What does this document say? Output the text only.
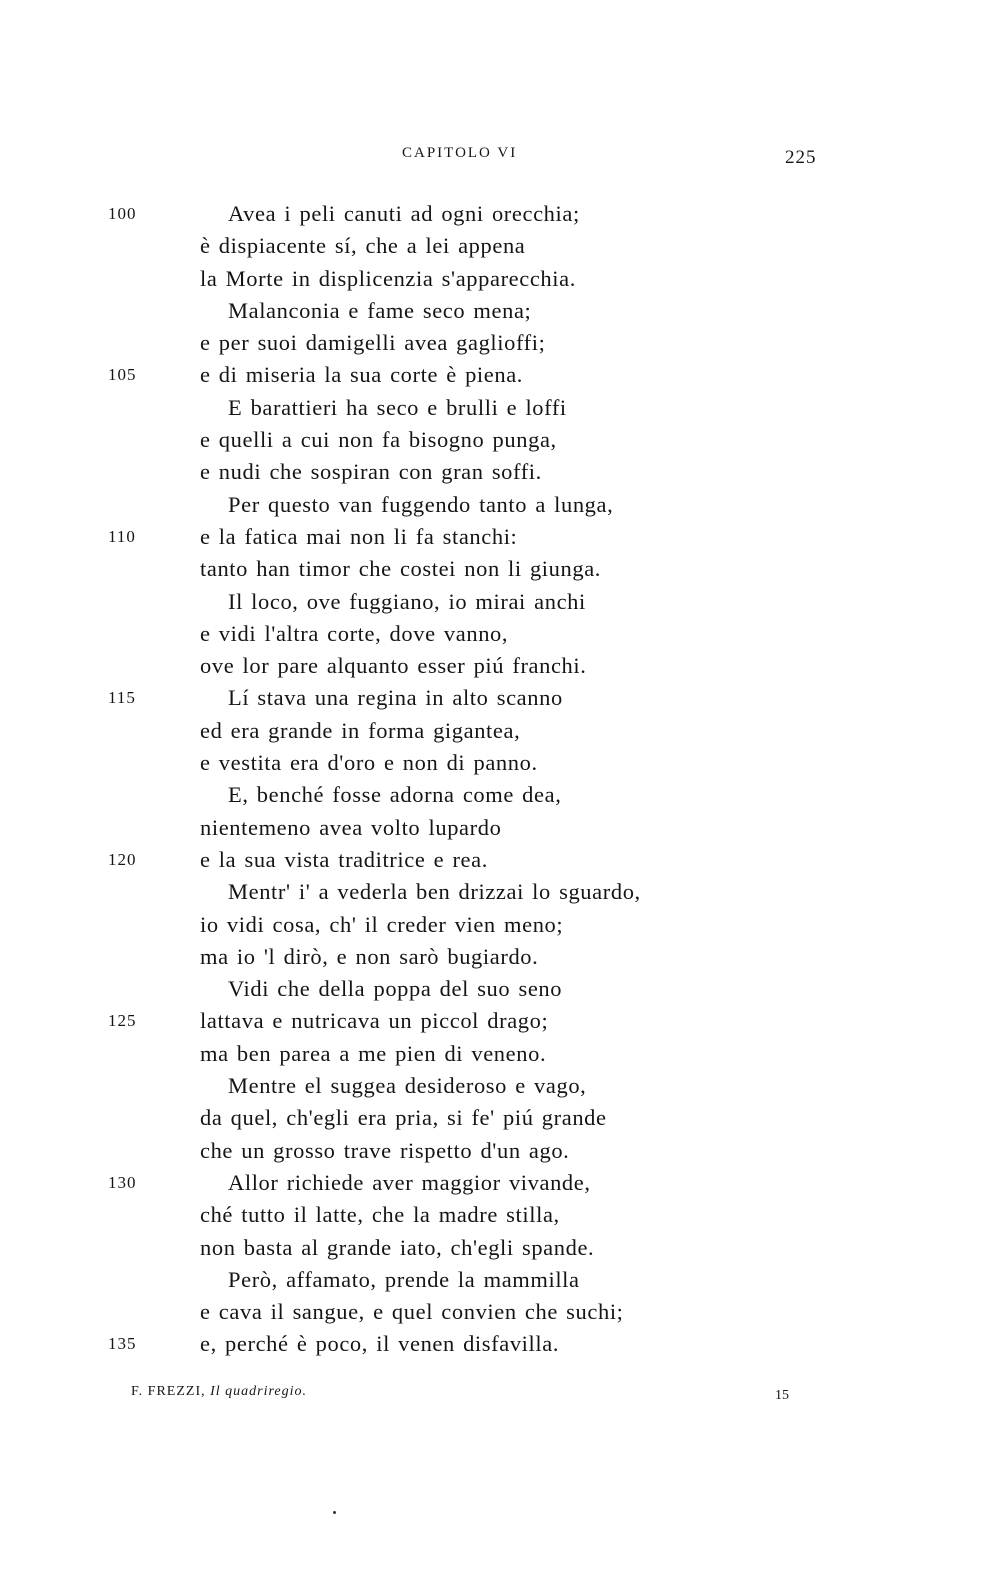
CAPITOLO VI	225
100	Avea i peli canuti ad ogni orecchia;
è dispiacente sí, che a lei appena
la Morte in displicenzia s'apparecchia.
Malanconia e fame seco mena;
e per suoi damigelli avea gaglioffi;
105	e di miseria la sua corte è piena.
E barattieri ha seco e brulli e loffi
e quelli a cui non fa bisogno punga,
e nudi che sospiran con gran soffi.
Per questo van fuggendo tanto a lunga,
110	e la fatica mai non li fa stanchi:
tanto han timor che costei non li giunga.
Il loco, ove fuggiano, io mirai anchi
e vidi l'altra corte, dove vanno,
ove lor pare alquanto esser piú franchi.
115	Lí stava una regina in alto scanno
ed era grande in forma gigantea,
e vestita era d'oro e non di panno.
E, benché fosse adorna come dea,
nientemeno avea volto lupardo
120	e la sua vista traditrice e rea.
Mentr' i' a vederla ben drizzai lo sguardo,
io vidi cosa, ch' il creder vien meno;
ma io 'l dirò, e non sarò bugiardo.
Vidi che della poppa del suo seno
125	lattava e nutricava un piccol drago;
ma ben parea a me pien di veneno.
Mentre el suggea desideroso e vago,
da quel, ch'egli era pria, si fe' piú grande
che un grosso trave rispetto d'un ago.
130	Allor richiede aver maggior vivande,
ché tutto il latte, che la madre stilla,
non basta al grande iato, ch'egli spande.
Però, affamato, prende la mammilla
e cava il sangue, e quel convien che suchi;
135	e, perché è poco, il venen disfavilla.
F. FREZZI, Il quadriregio.	15
